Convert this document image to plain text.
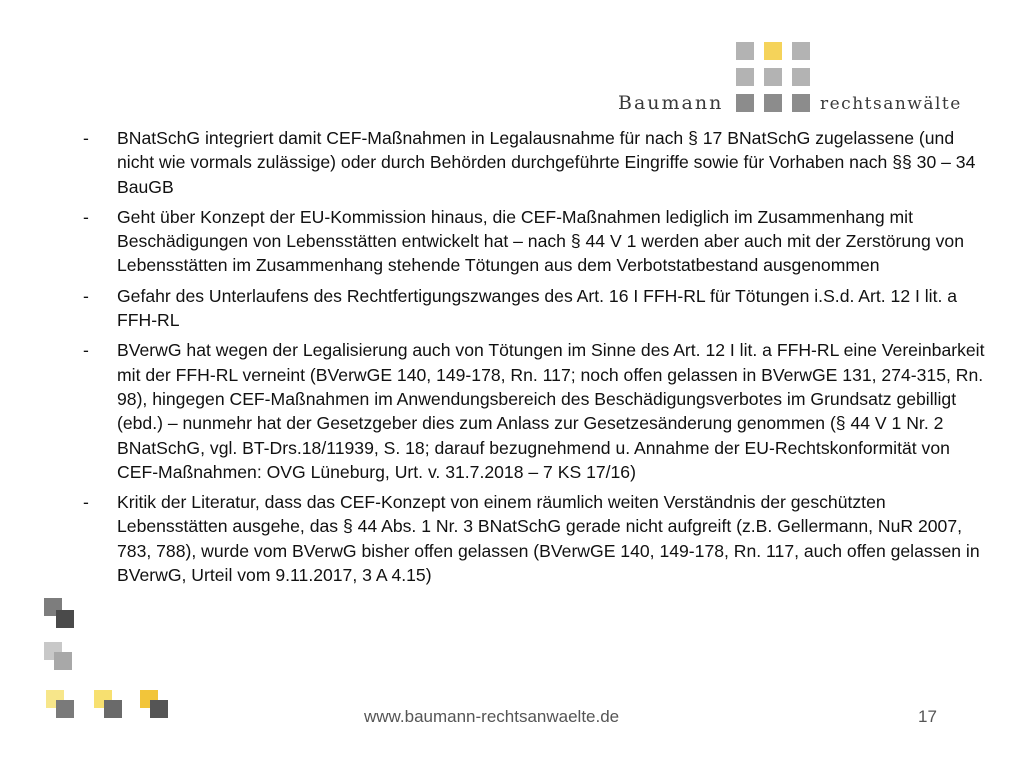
Baumann	rechtsanwälte
- BNatSchG integriert damit CEF-Maßnahmen in Legalausnahme für nach § 17 BNatSchG zugelassene (und nicht wie vormals zulässige) oder durch Behörden durchgeführte Eingriffe sowie für Vorhaben nach §§ 30 – 34 BauGB
- Geht über Konzept der EU-Kommission hinaus, die CEF-Maßnahmen lediglich im Zusammenhang mit Beschädigungen von Lebensstätten entwickelt hat – nach § 44 V 1 werden aber auch mit der Zerstörung von Lebensstätten im Zusammenhang stehende Tötungen aus dem Verbotstatbestand ausgenommen
- Gefahr des Unterlaufens des Rechtfertigungszwanges des Art. 16 I FFH-RL für Tötungen i.S.d. Art. 12 I lit. a FFH-RL
- BVerwG hat wegen der Legalisierung auch von Tötungen im Sinne des Art. 12 I lit. a FFH-RL eine Vereinbarkeit mit der FFH-RL verneint (BVerwGE 140, 149-178, Rn. 117; noch offen gelassen in BVerwGE 131, 274-315, Rn. 98), hingegen CEF-Maßnahmen im Anwendungsbereich des Beschädigungsverbotes im Grundsatz gebilligt (ebd.) – nunmehr hat der Gesetzgeber dies zum Anlass zur Gesetzesänderung genommen (§ 44 V 1 Nr. 2 BNatSchG, vgl. BT-Drs.18/11939, S. 18; darauf bezugnehmend u. Annahme der EU-Rechtskonformität von CEF-Maßnahmen: OVG Lüneburg, Urt. v. 31.7.2018 – 7 KS 17/16)
- Kritik der Literatur, dass das CEF-Konzept von einem räumlich weiten Verständnis der geschützten Lebensstätten ausgehe, das § 44 Abs. 1 Nr. 3 BNatSchG gerade nicht aufgreift (z.B. Gellermann, NuR 2007, 783, 788), wurde vom BVerwG bisher offen gelassen (BVerwGE 140, 149-178, Rn. 117, auch offen gelassen in BVerwG, Urteil vom 9.11.2017, 3 A 4.15)
www.baumann-rechtsanwaelte.de	17
